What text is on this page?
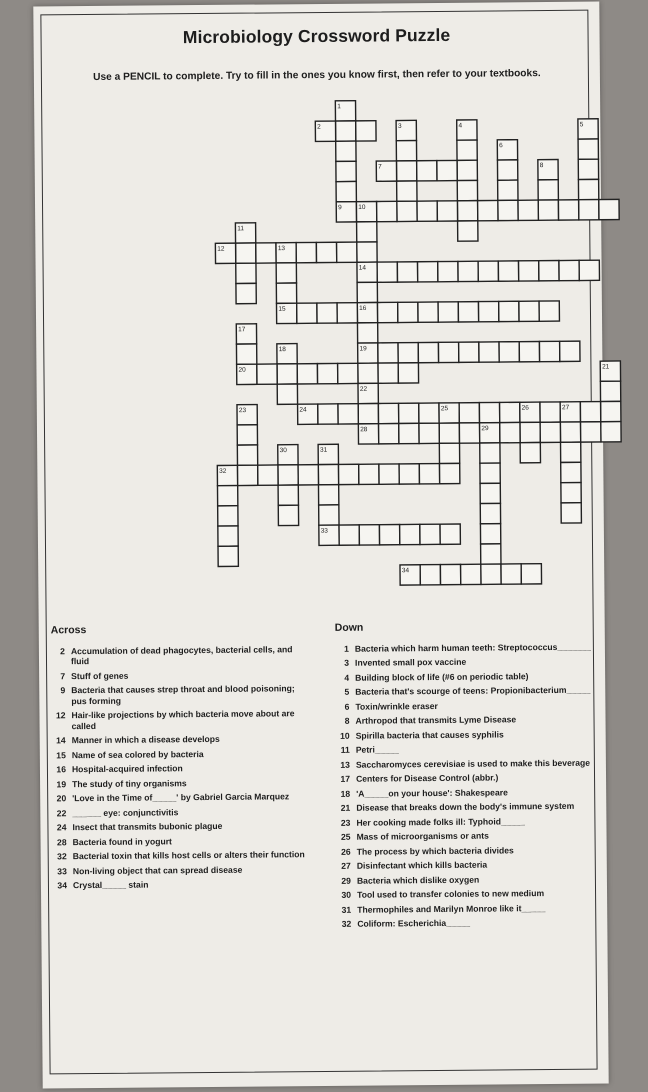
Microbiology Crossword Puzzle
Use a PENCIL to complete. Try to fill in the ones you know first, then refer to your textbooks.
1
2	3	4	5
6
7	8
9	10
11
12	13
14
15	16
17
18	19
20	21
22
23	24	25	26	27
28	29
30	31
32
33
34
Across
2 Accumulation of dead phagocytes, bacterial cells, and fluid
7 Stuff of genes
9 Bacteria that causes strep throat and blood poisoning; pus forming
12 Hair-like projections by which bacteria move about are called
14 Manner in which a disease develops
15 Name of sea colored by bacteria
16 Hospital-acquired infection
19 The study of tiny organisms
20 'Love in the Time of_____' by Gabriel Garcia Marquez
22 ______ eye: conjunctivitis
24 Insect that transmits bubonic plague
28 Bacteria found in yogurt
32 Bacterial toxin that kills host cells or alters their function
33 Non-living object that can spread disease
34 Crystal_____ stain
Down
1 Bacteria which harm human teeth: Streptococcus_______
3 Invented small pox vaccine
4 Building block of life (#6 on periodic table)
5 Bacteria that's scourge of teens: Propionibacterium_____
6 Toxin/wrinkle eraser
8 Arthropod that transmits Lyme Disease
10 Spirilla bacteria that causes syphilis
11 Petri_____
13 Saccharomyces cerevisiae is used to make this beverage
17 Centers for Disease Control (abbr.)
18 'A_____on your house': Shakespeare
21 Disease that breaks down the body's immune system
23 Her cooking made folks ill: Typhoid_____
25 Mass of microorganisms or ants
26 The process by which bacteria divides
27 Disinfectant which kills bacteria
29 Bacteria which dislike oxygen
30 Tool used to transfer colonies to new medium
31 Thermophiles and Marilyn Monroe like it_____
32 Coliform: Escherichia_____
